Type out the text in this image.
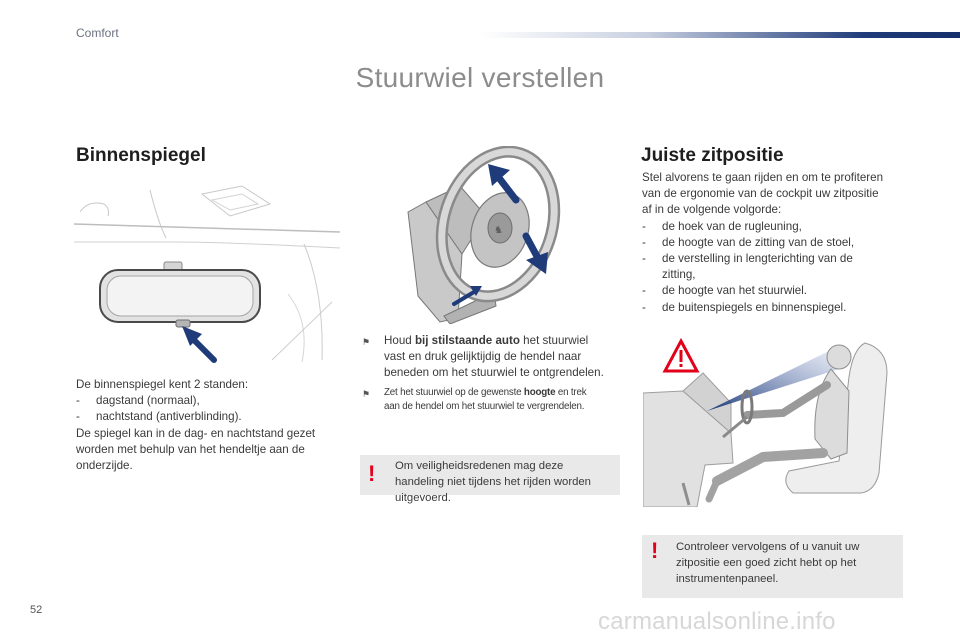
Comfort
Stuurwiel verstellen
Binnenspiegel

De binnenspiegel kent 2 standen:

- dagstand (normaal),
- nachtstand (antiverblinding).

De spiegel kan in de dag- en nachtstand gezet

worden met behulp van het hendeltje aan de

onderzijde.

♞
⚑ Houd bij stilstaande auto het stuurwiel
vast en druk gelijktijdig de hendel naar
beneden om het stuurwiel te ontgrendelen.
⚑ Zet het stuurwiel op de gewenste hoogte en trek
aan de hendel om het stuurwiel te vergrendelen.
! Om veiligheidsredenen mag deze
handeling niet tijdens het rijden worden
uitgevoerd.
Juiste zitpositie

Stel alvorens te gaan rijden en om te profiteren

van de ergonomie van de cockpit uw zitpositie

af in de volgende volgorde:

- de hoek van de rugleuning,
- de hoogte van de zitting van de stoel,
- de verstelling in lengterichting van de
zitting,
- de hoogte van het stuurwiel.
- de buitenspiegels en binnenspiegel.
! Controleer vervolgens of u vanuit uw
zitpositie een goed zicht hebt op het
instrumentenpaneel.
52	carmanualsonline.info
